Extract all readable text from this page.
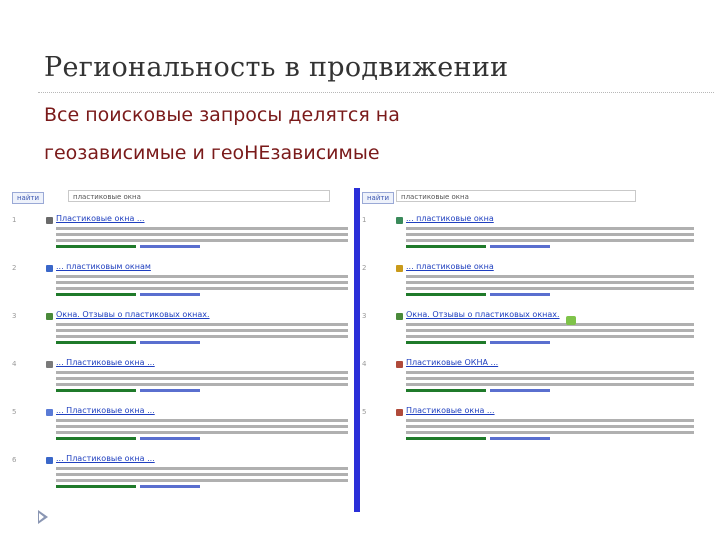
Региональность в продвижении
Все поисковые запросы делятся на
геозависимые и геоНЕзависимые
найти	пластиковые окна
1	Пластиковые окна ...
2	... пластиковым окнам
3	Окна. Отзывы о пластиковых окнах.
4	... Пластиковые окна ...
5	... Пластиковые окна ...
6	... Пластиковые окна ...
найти	пластиковые окна
1	... пластиковые окна
2	... пластиковые окна
3	Окна. Отзывы о пластиковых окнах.
4	Пластиковые ОКНА ...
5	Пластиковые окна ...
